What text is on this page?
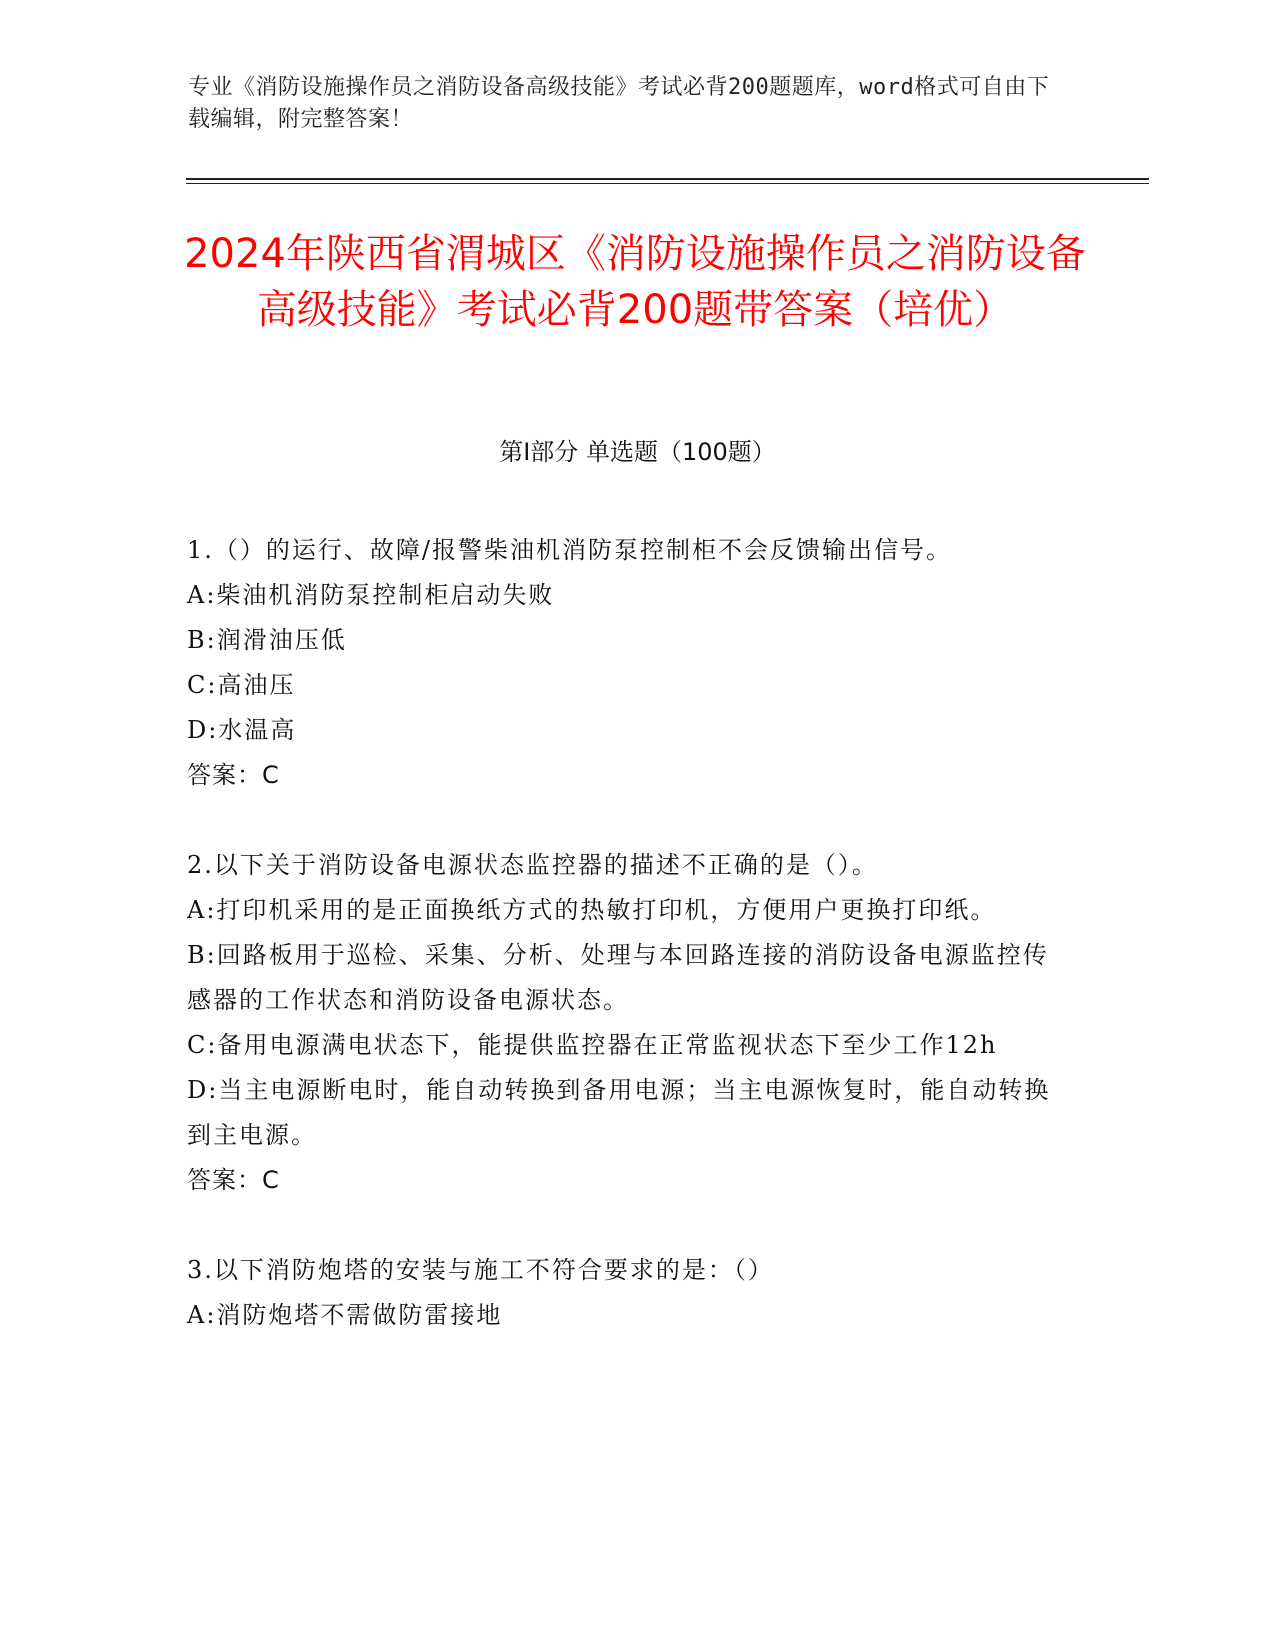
专业《消防设施操作员之消防设备高级技能》考试必背200题题库，word格式可自由下载编辑，附完整答案！
2024年陕西省渭城区《消防设施操作员之消防设备高级技能》考试必背200题带答案（培优）
第I部分 单选题（100题）

1.（）的运行、故障/报警柴油机消防泵控制柜不会反馈输出信号。

A:柴油机消防泵控制柜启动失败

B:润滑油压低

C:高油压

D:水温高

答案：C

2.以下关于消防设备电源状态监控器的描述不正确的是（）。

A:打印机采用的是正面换纸方式的热敏打印机，方便用户更换打印纸。

B:回路板用于巡检、采集、分析、处理与本回路连接的消防设备电源监控传感器的工作状态和消防设备电源状态。

C:备用电源满电状态下，能提供监控器在正常监视状态下至少工作12h

D:当主电源断电时，能自动转换到备用电源；当主电源恢复时，能自动转换到主电源。

答案：C

3.以下消防炮塔的安装与施工不符合要求的是：（）

A:消防炮塔不需做防雷接地
